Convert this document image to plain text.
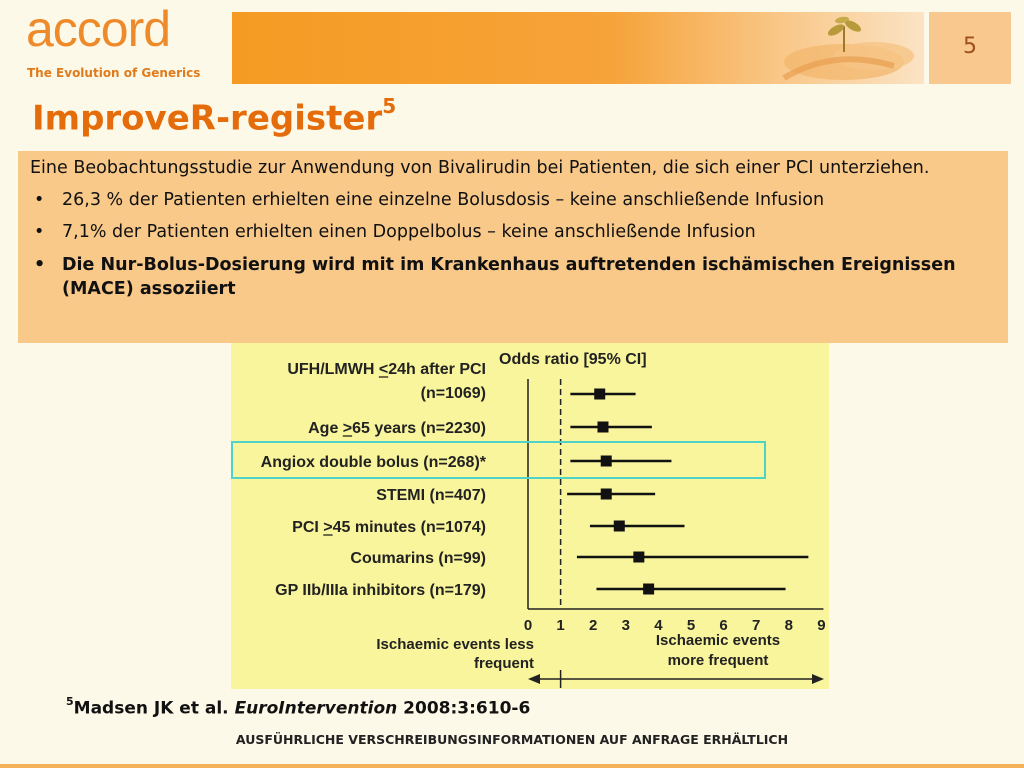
accord
The Evolution of Generics
5
ImproveR-register$^5$

Eine Beobachtungsstudie zur Anwendung von Bivalirudin bei Patienten, die sich einer PCI unterziehen.

• 26,3 % der Patienten erhielten eine einzelne Bolusdosis – keine anschließende Infusion
• 7,1% der Patienten erhielten einen Doppelbolus – keine anschließende Infusion
• Die Nur-Bolus-Dosierung wird mit im Krankenhaus auftretenden ischämischen Ereignissen (MACE) assoziiert
Odds ratio [95% CI]
0 1 2 3 4 5 6 7 8 9
UFH/LMWH <24h after PCI
(n=1069)
Age >65 years (n=2230)
Angiox double bolus (n=268)*
STEMI (n=407)
PCI >45 minutes (n=1074)
Coumarins (n=99)
GP IIb/IIIa inhibitors (n=179)
Ischaemic events less
frequent
Ischaemic events
more frequent
$^5$Madsen JK et al. EuroIntervention 2008:3:610-6
AUSFÜHRLICHE VERSCHREIBUNGSINFORMATIONEN AUF ANFRAGE ERHÄLTLICH
